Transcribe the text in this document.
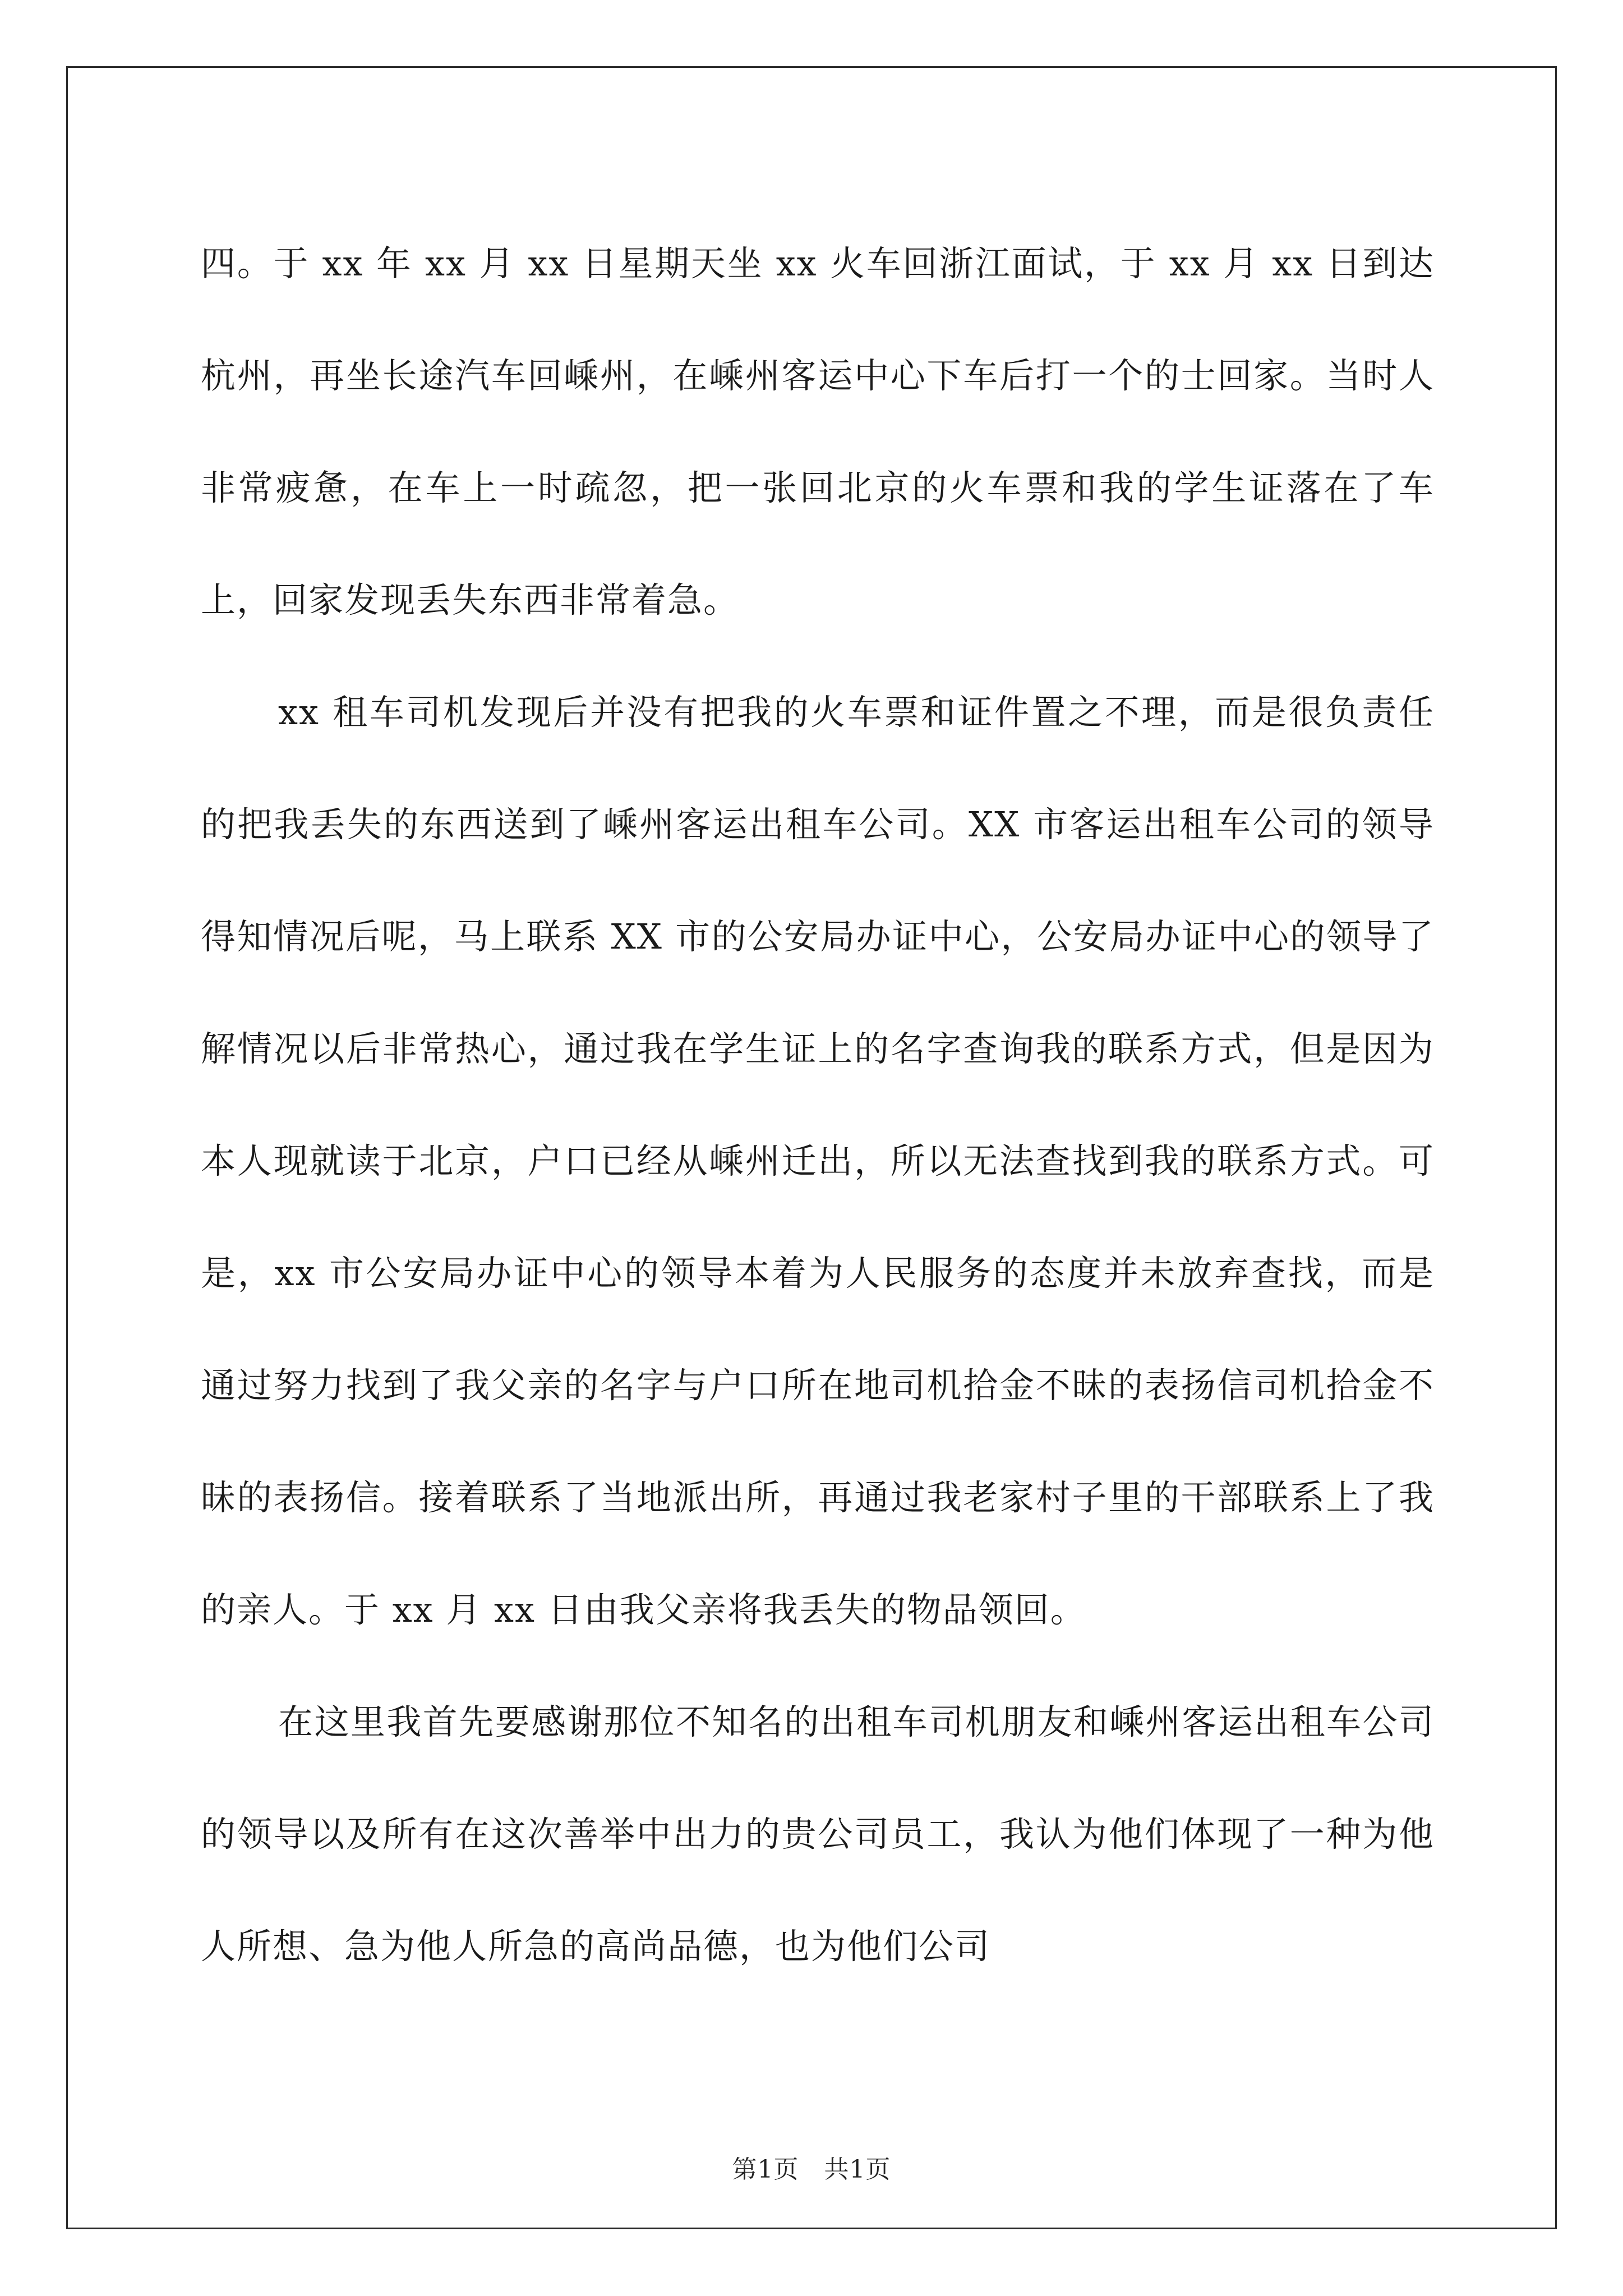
四。于 xx 年 xx 月 xx 日星期天坐 xx 火车回浙江面试，于 xx 月 xx 日到达杭州，再坐长途汽车回嵊州，在嵊州客运中心下车后打一个的士回家。当时人非常疲惫，在车上一时疏忽，把一张回北京的火车票和我的学生证落在了车上，回家发现丢失东西非常着急。

xx 租车司机发现后并没有把我的火车票和证件置之不理，而是很负责任的把我丢失的东西送到了嵊州客运出租车公司。XX 市客运出租车公司的领导得知情况后呢，马上联系 XX 市的公安局办证中心，公安局办证中心的领导了解情况以后非常热心，通过我在学生证上的名字查询我的联系方式，但是因为本人现就读于北京，户口已经从嵊州迁出，所以无法查找到我的联系方式。可是，xx 市公安局办证中心的领导本着为人民服务的态度并未放弃查找，而是通过努力找到了我父亲的名字与户口所在地司机拾金不昧的表扬信司机拾金不昧的表扬信。接着联系了当地派出所，再通过我老家村子里的干部联系上了我的亲人。于 xx 月 xx 日由我父亲将我丢失的物品领回。

在这里我首先要感谢那位不知名的出租车司机朋友和嵊州客运出租车公司的领导以及所有在这次善举中出力的贵公司员工，我认为他们体现了一种为他人所想、急为他人所急的高尚品德，也为他们公司

第1页　共1页
